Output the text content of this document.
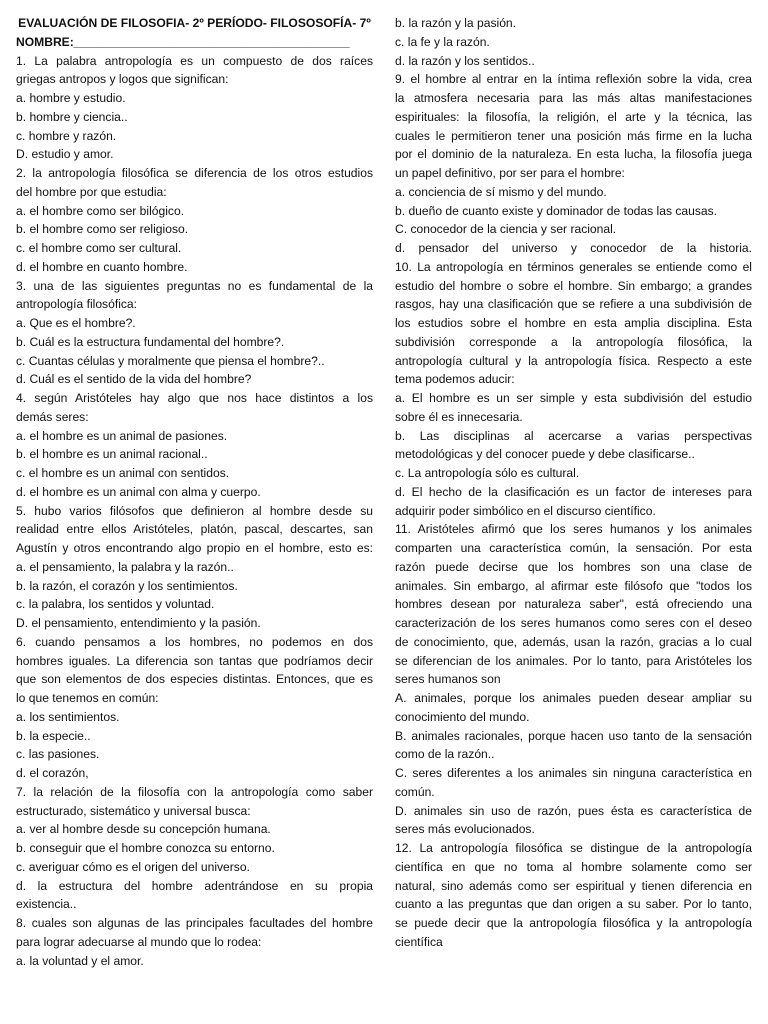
EVALUACIÓN DE FILOSOFIA- 2º PERÍODO- FILOSOSOFÍA- 7º
NOMBRE:_________________________________________
1. La palabra antropología es un compuesto de dos raíces
griegas antropos y logos que significan:
a. hombre y estudio.
b. hombre y ciencia..
c. hombre y razón.
D. estudio y amor.
2. la antropología filosófica se diferencia de los otros estudios
del hombre por que estudia:
a. el hombre como ser bilógico.
b. el hombre como ser religioso.
c. el hombre como ser cultural.
d. el hombre en cuanto hombre.
3. una de las siguientes preguntas no es fundamental de la
antropología filosófica:
a. Que es el hombre?.
b. Cuál es la estructura fundamental del hombre?.
c. Cuantas células y moralmente que piensa el hombre?..
d. Cuál es el sentido de la vida del hombre?
4. según Aristóteles hay algo que nos hace distintos a los
demás seres:
a. el hombre es un animal de pasiones.
b. el hombre es un animal racional..
c. el hombre es un animal con sentidos.
d. el hombre es un animal con alma y cuerpo.
5. hubo varios filósofos que definieron al hombre desde su
realidad entre ellos Aristóteles, platón, pascal, descartes, san
Agustín y otros encontrando algo propio en el hombre, esto es:
a. el pensamiento, la palabra y la razón..
b. la razón, el corazón y los sentimientos.
c. la palabra, los sentidos y voluntad.
D. el pensamiento, entendimiento y la pasión.
6. cuando pensamos a los hombres, no podemos en dos
hombres iguales. La diferencia son tantas que podríamos decir
que son elementos de dos especies distintas. Entonces, que es
lo que tenemos en común:
a. los sentimientos.
b. la especie..
c. las pasiones.
d. el corazón,
7. la relación de la filosofía con la antropología como saber
estructurado, sistemático y universal busca:
a. ver al hombre desde su concepción humana.
b. conseguir que el hombre conozca su entorno.
c. averiguar cómo es el origen del universo.
d. la estructura del hombre adentrándose en su propia
existencia..
8. cuales son algunas de las principales facultades del hombre
para lograr adecuarse al mundo que lo rodea:
a. la voluntad y el amor.
b. la razón y la pasión.
c. la fe y la razón.
d. la razón y los sentidos..
9. el hombre al entrar en la íntima reflexión sobre la vida, crea
la atmosfera necesaria para las más altas manifestaciones
espirituales: la filosofía, la religión, el arte y la técnica, las
cuales le permitieron tener una posición más firme en la lucha
por el dominio de la naturaleza. En esta lucha, la filosofía juega
un papel definitivo, por ser para el hombre:
a. conciencia de sí mismo y del mundo.
b. dueño de cuanto existe y dominador de todas las causas.
C. conocedor de la ciencia y ser racional.
d. pensador del universo y conocedor de la historia.
10. La antropología en términos generales se entiende como el
estudio del hombre o sobre el hombre. Sin embargo; a grandes
rasgos, hay una clasificación que se refiere a una subdivisión de
los estudios sobre el hombre en esta amplia disciplina. Esta
subdivisión corresponde a la antropología filosófica, la
antropología cultural y la antropología física. Respecto a este
tema podemos aducir:
a. El hombre es un ser simple y esta subdivisión del estudio
sobre él es innecesaria.
b. Las disciplinas al acercarse a varias perspectivas
metodológicas y del conocer puede y debe clasificarse..
c. La antropología sólo es cultural.
d. El hecho de la clasificación es un factor de intereses para
adquirir poder simbólico en el discurso científico.
11. Aristóteles afirmó que los seres humanos y los animales
comparten una característica común, la sensación. Por esta
razón puede decirse que los hombres son una clase de
animales. Sin embargo, al afirmar este filósofo que "todos los
hombres desean por naturaleza saber", está ofreciendo una
caracterización de los seres humanos como seres con el deseo
de conocimiento, que, además, usan la razón, gracias a lo cual
se diferencian de los animales. Por lo tanto, para Aristóteles los
seres humanos son
A. animales, porque los animales pueden desear ampliar su
conocimiento del mundo.
B. animales racionales, porque hacen uso tanto de la sensación
como de la razón..
C. seres diferentes a los animales sin ninguna característica en
común.
D. animales sin uso de razón, pues ésta es característica de
seres más evolucionados.
12. La antropología filosófica se distingue de la antropología
científica en que no toma al hombre solamente como ser
natural, sino además como ser espiritual y tienen diferencia en
cuanto a las preguntas que dan origen a su saber. Por lo tanto,
se puede decir que la antropología filosófica y la antropología
científica
